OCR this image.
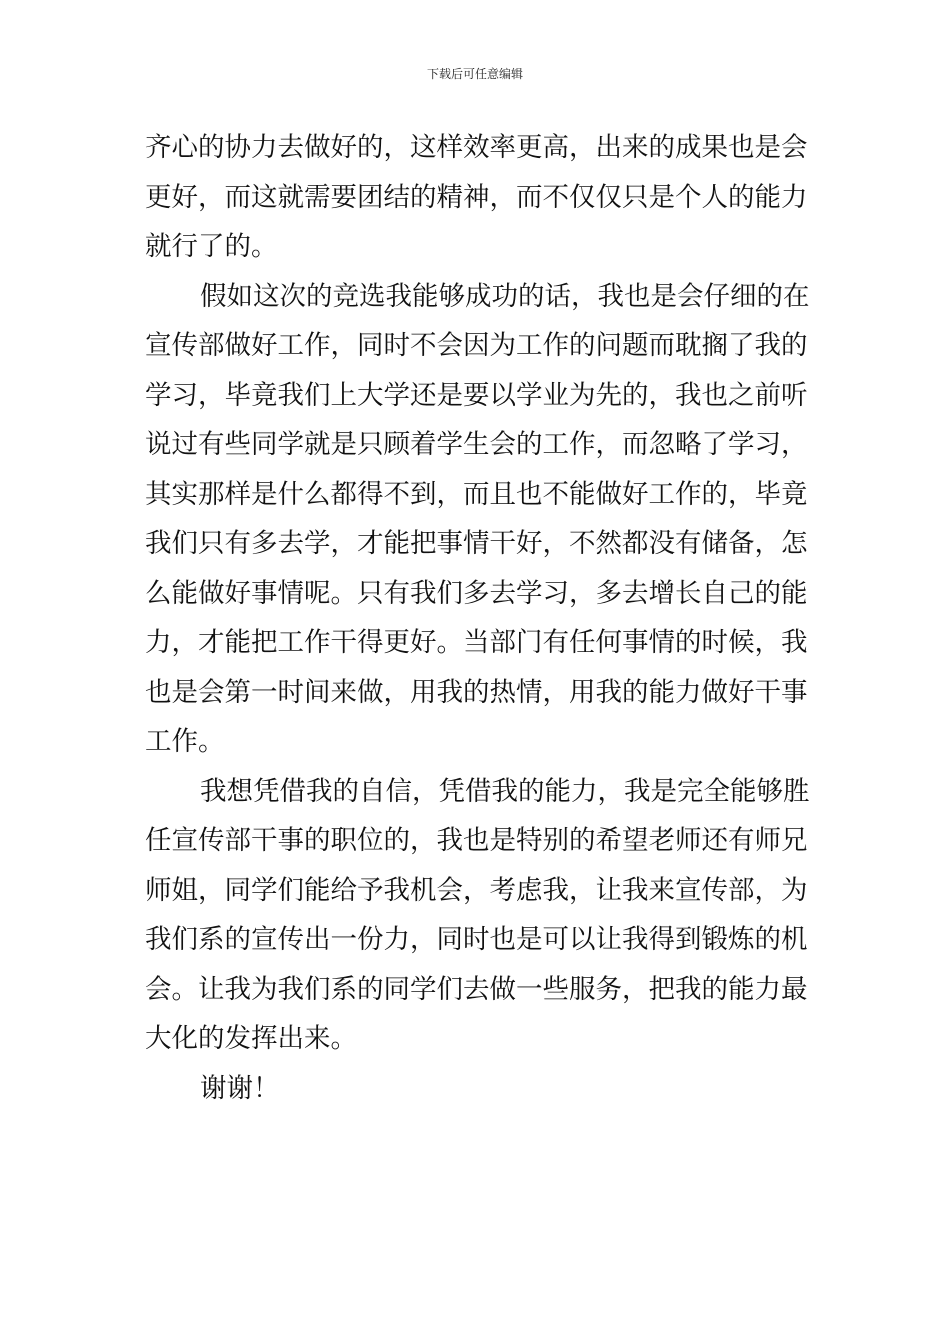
下载后可任意编辑
齐心的协力去做好的，这样效率更高，出来的成果也是会
更好，而这就需要团结的精神，而不仅仅只是个人的能力
就行了的。
假如这次的竞选我能够成功的话，我也是会仔细的在
宣传部做好工作，同时不会因为工作的问题而耽搁了我的
学习，毕竟我们上大学还是要以学业为先的，我也之前听
说过有些同学就是只顾着学生会的工作，而忽略了学习，
其实那样是什么都得不到，而且也不能做好工作的，毕竟
我们只有多去学，才能把事情干好，不然都没有储备，怎
么能做好事情呢。只有我们多去学习，多去增长自己的能
力，才能把工作干得更好。当部门有任何事情的时候，我
也是会第一时间来做，用我的热情，用我的能力做好干事
工作。
我想凭借我的自信，凭借我的能力，我是完全能够胜
任宣传部干事的职位的，我也是特别的希望老师还有师兄
师姐，同学们能给予我机会，考虑我，让我来宣传部，为
我们系的宣传出一份力，同时也是可以让我得到锻炼的机
会。让我为我们系的同学们去做一些服务，把我的能力最
大化的发挥出来。
谢谢！
